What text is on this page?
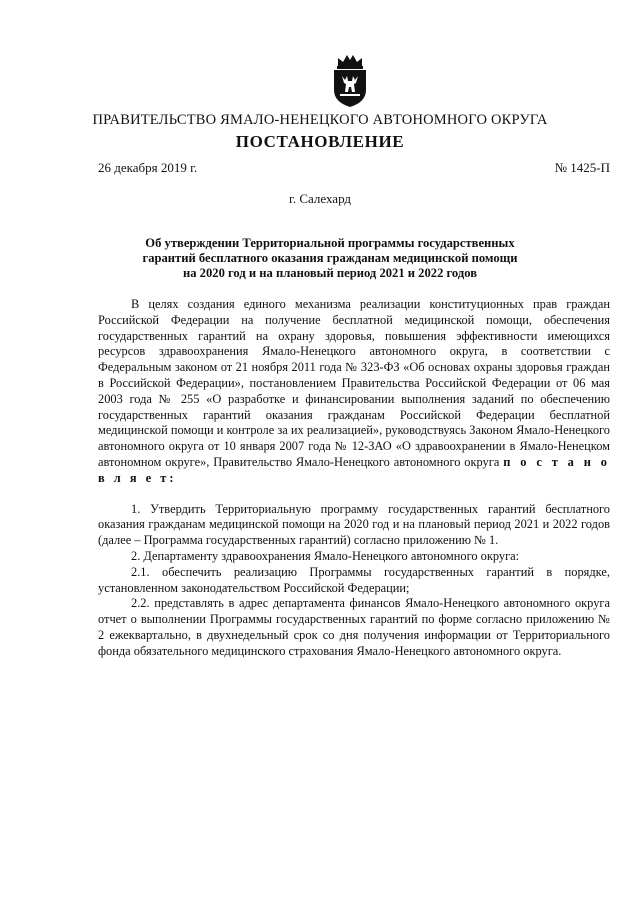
ПРАВИТЕЛЬСТВО ЯМАЛО-НЕНЕЦКОГО АВТОНОМНОГО ОКРУГА
ПОСТАНОВЛЕНИЕ
26 декабря 2019 г.	№ 1425-П
г. Салехард
Об утверждении Территориальной программы государственных
гарантий бесплатного оказания гражданам медицинской помощи
на 2020 год и на плановый период 2021 и 2022 годов

В целях создания единого механизма реализации конституционных прав граждан Российской Федерации на получение бесплатной медицинской помощи, обеспечения государственных гарантий на охрану здоровья, повышения эффективности имеющихся ресурсов здравоохранения Ямало-Ненецкого автономного округа, в соответствии с Федеральным законом от 21 ноября 2011 года № 323-ФЗ «Об основах охраны здоровья граждан в Российской Федерации», постановлением Правительства Российской Федерации от 06 мая 2003 года № 255 «О разработке и финансировании выполнения заданий по обеспечению государственных гарантий оказания гражданам Российской Федерации бесплатной медицинской помощи и контроле за их реализацией», руководствуясь Законом Ямало-Ненецкого автономного округа от 10 января 2007 года № 12-ЗАО «О здравоохранении в Ямало-Ненецком автономном округе», Правительство Ямало-Ненецкого автономного округа п о с т а н о в л я е т:

1. Утвердить Территориальную программу государственных гарантий бесплатного оказания гражданам медицинской помощи на 2020 год и на плановый период 2021 и 2022 годов (далее – Программа государственных гарантий) согласно приложению № 1.

2. Департаменту здравоохранения Ямало-Ненецкого автономного округа:

2.1. обеспечить реализацию Программы государственных гарантий в порядке, установленном законодательством Российской Федерации;

2.2. представлять в адрес департамента финансов Ямало-Ненецкого автономного округа отчет о выполнении Программы государственных гарантий по форме согласно приложению № 2 ежеквартально, в двухнедельный срок со дня получения информации от Территориального фонда обязательного медицинского страхования Ямало-Ненецкого автономного округа.
